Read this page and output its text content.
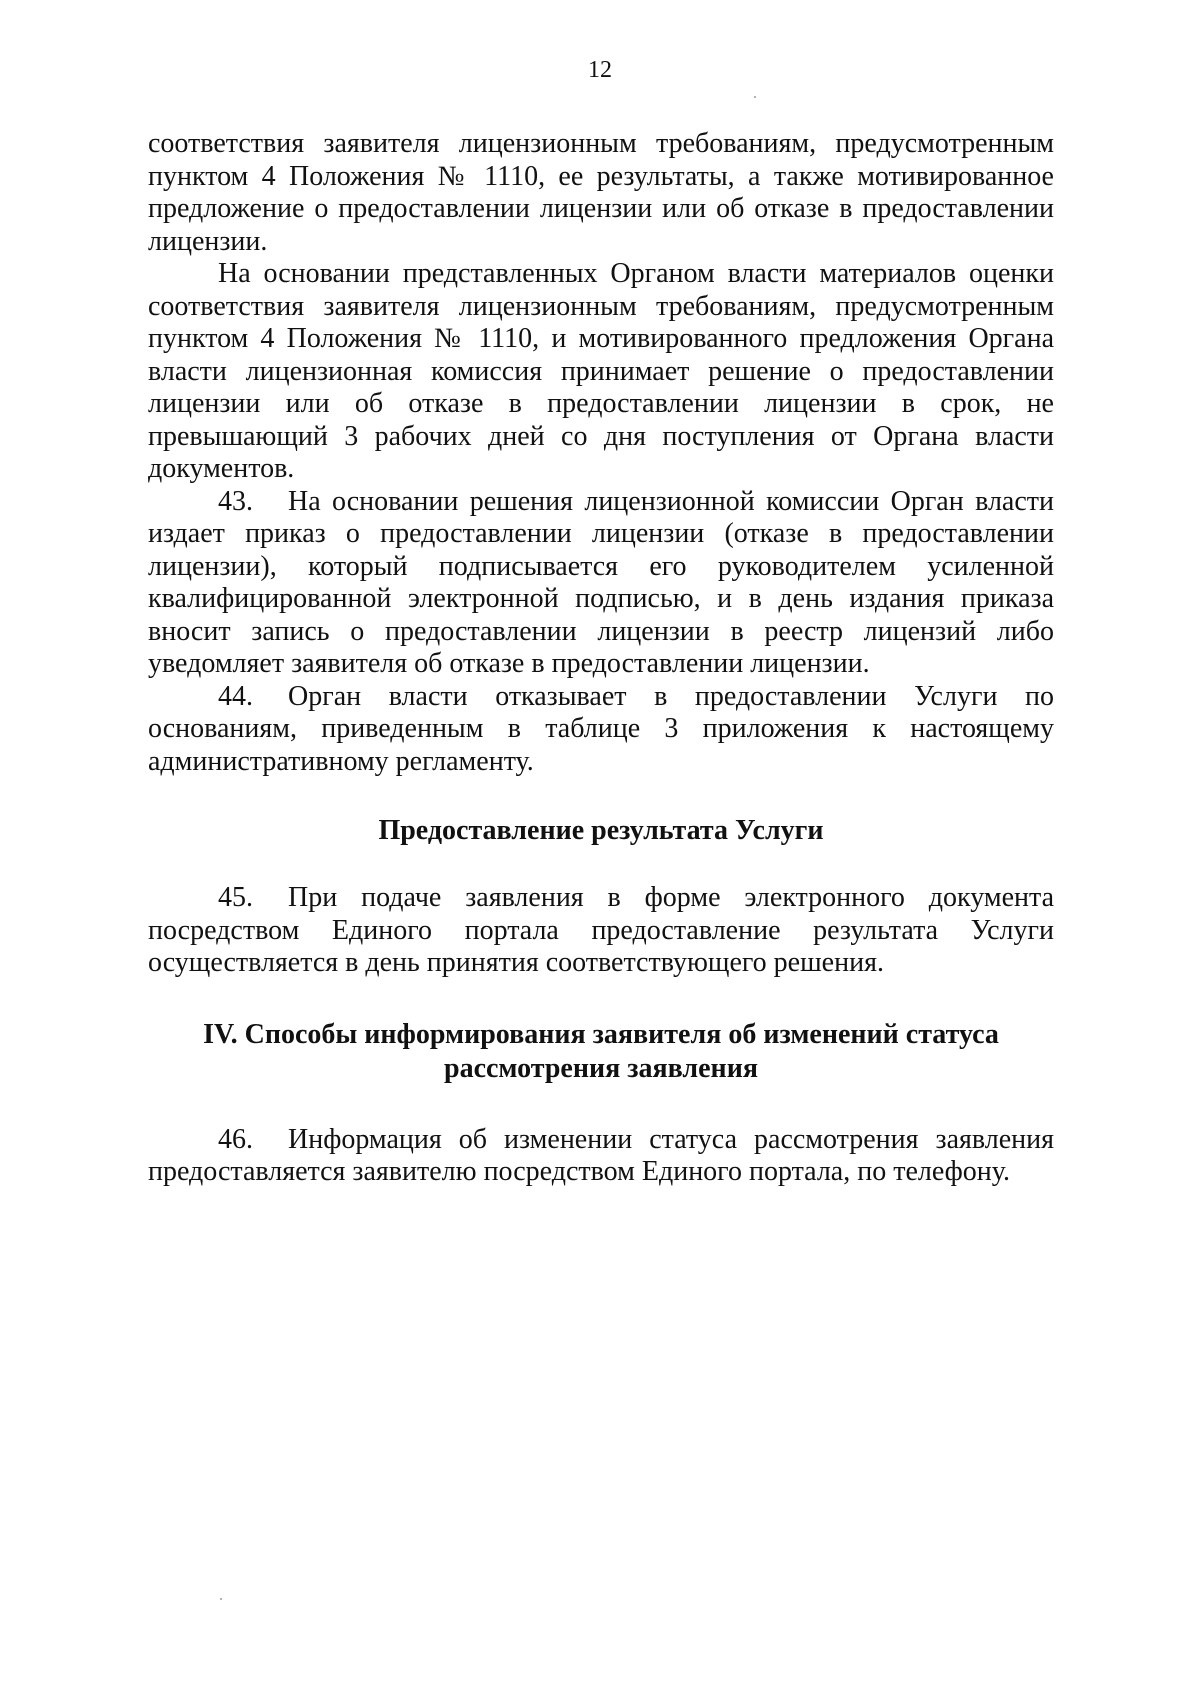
12

соответствия заявителя лицензионным требованиям, предусмотренным пунктом 4 Положения № 1110, ее результаты, а также мотивированное предложение о предоставлении лицензии или об отказе в предоставлении лицензии.

На основании представленных Органом власти материалов оценки соответствия заявителя лицензионным требованиям, предусмотренным пунктом 4 Положения № 1110, и мотивированного предложения Органа власти лицензионная комиссия принимает решение о предоставлении лицензии или об отказе в предоставлении лицензии в срок, не превышающий 3 рабочих дней со дня поступления от Органа власти документов.

43. На основании решения лицензионной комиссии Орган власти издает приказ о предоставлении лицензии (отказе в предоставлении лицензии), который подписывается его руководителем усиленной квалифицированной электронной подписью, и в день издания приказа вносит запись о предоставлении лицензии в реестр лицензий либо уведомляет заявителя об отказе в предоставлении лицензии.

44. Орган власти отказывает в предоставлении Услуги по основаниям, приведенным в таблице 3 приложения к настоящему административному регламенту.

Предоставление результата Услуги

45. При подаче заявления в форме электронного документа посредством Единого портала предоставление результата Услуги осуществляется в день принятия соответствующего решения.

IV. Способы информирования заявителя об изменений статуса
рассмотрения заявления

46. Информация об изменении статуса рассмотрения заявления предоставляется заявителю посредством Единого портала, по телефону.
